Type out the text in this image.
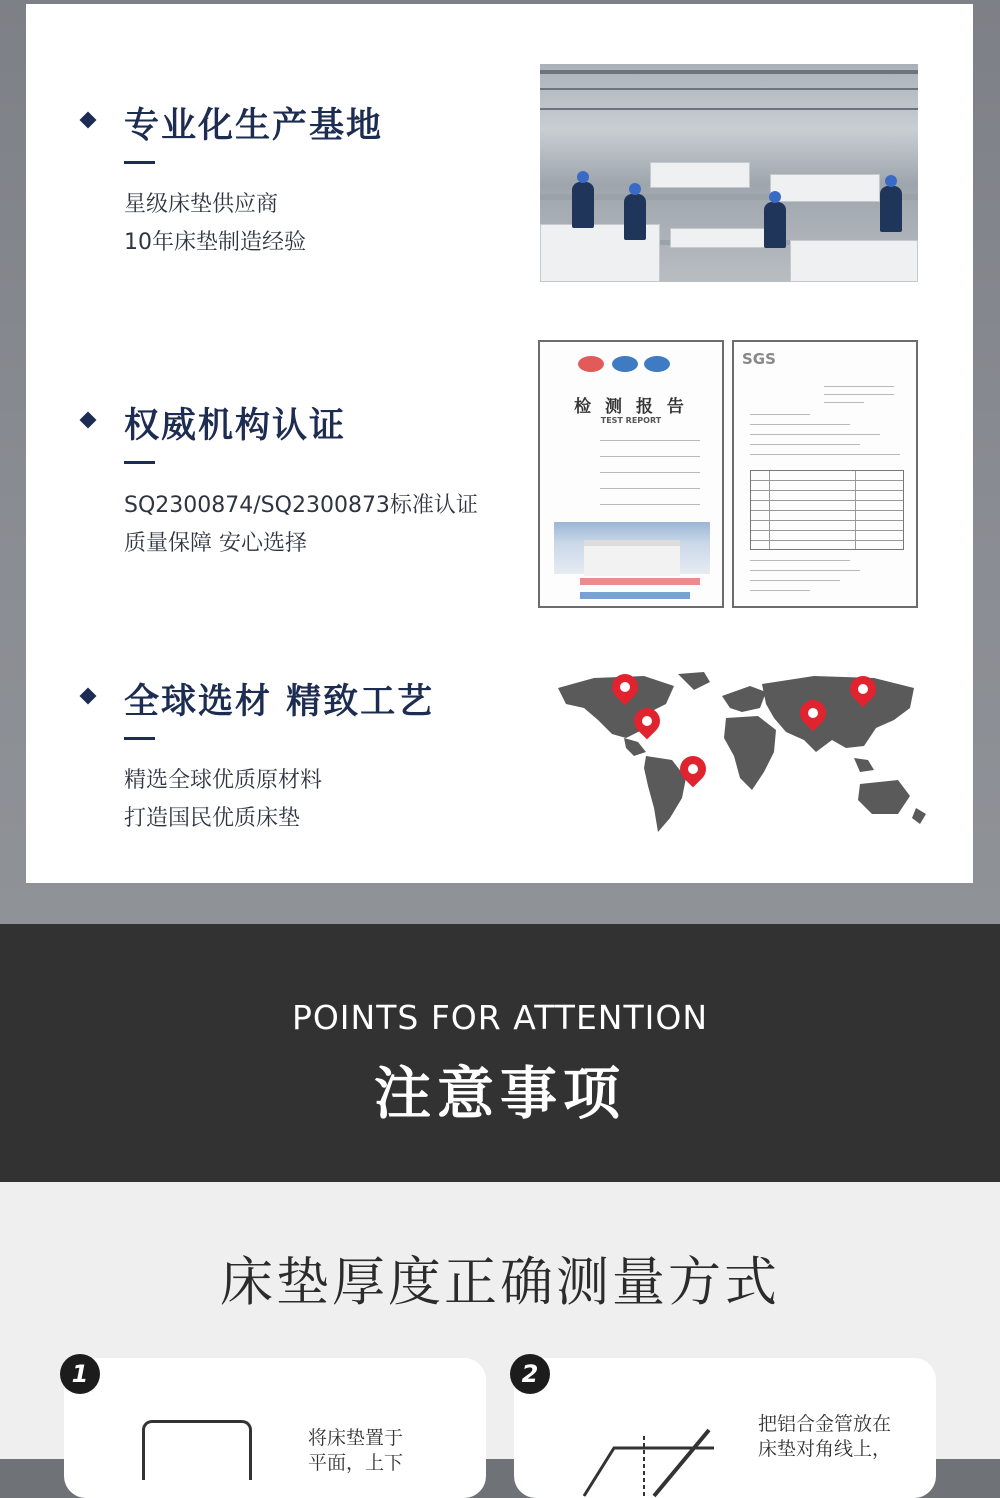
专业化生产基地
星级床垫供应商
10年床垫制造经验
权威机构认证
SQ2300874/SQ2300873标准认证
质量保障 安心选择
检 测 报 告
TEST REPORT
SGS
全球选材 精致工艺
精选全球优质原材料
打造国民优质床垫
POINTS FOR ATTENTION
注意事项
床垫厚度正确测量方式
1
将床垫置于
平面，上下
2
把铝合金管放在
床垫对角线上，
